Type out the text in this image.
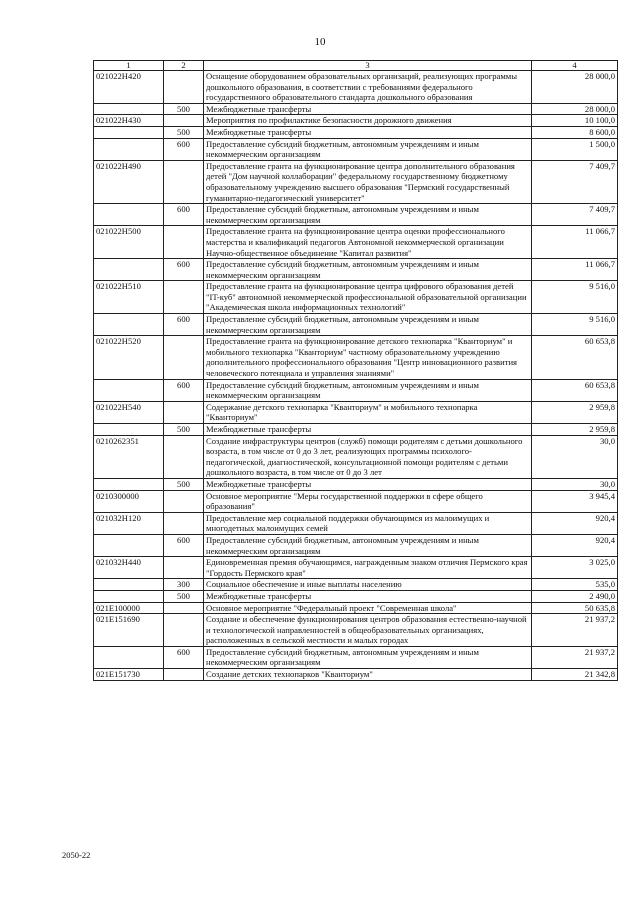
10
1	2	3	4
021022Н420		Оснащение оборудованием образовательных организаций, реализующих программы дошкольного образования, в соответствии с требованиями федерального государственного образовательного стандарта дошкольного образования	28 000,0
	500	Межбюджетные трансферты	28 000,0
021022Н430		Мероприятия по профилактике безопасности дорожного движения	10 100,0
	500	Межбюджетные трансферты	8 600,0
	600	Предоставление субсидий бюджетным, автономным учреждениям и иным некоммерческим организациям	1 500,0
021022Н490		Предоставление гранта на функционирование центра дополнительного образования детей "Дом научной коллаборации" федеральному государственному бюджетному образовательному учреждению высшего образования "Пермский государственный гуманитарно-педагогический университет"	7 409,7
	600	Предоставление субсидий бюджетным, автономным учреждениям и иным некоммерческим организациям	7 409,7
021022Н500		Предоставление гранта на функционирование центра оценки профессионального мастерства и квалификаций педагогов Автономной некоммерческой организации Научно-общественное объединение "Капитал развития"	11 066,7
	600	Предоставление субсидий бюджетным, автономным учреждениям и иным некоммерческим организациям	11 066,7
021022Н510		Предоставление гранта на функционирование центра цифрового образования детей "IT-куб" автономной некоммерческой профессиональной образовательной организации "Академическая школа информационных технологий"	9 516,0
	600	Предоставление субсидий бюджетным, автономным учреждениям и иным некоммерческим организациям	9 516,0
021022Н520		Предоставление гранта на функционирование детского технопарка "Кванториум" и мобильного технопарка "Кванториум" частному образовательному учреждению дополнительного профессионального образования "Центр инновационного развития человеческого потенциала и управления знаниями"	60 653,8
	600	Предоставление субсидий бюджетным, автономным учреждениям и иным некоммерческим организациям	60 653,8
021022Н540		Содержание детского технопарка "Кванториум" и мобильного технопарка "Кванториум"	2 959,8
	500	Межбюджетные трансферты	2 959,8
0210262351		Создание инфраструктуры центров (служб) помощи родителям с детьми дошкольного возраста, в том числе от 0 до 3 лет, реализующих программы психолого-педагогической, диагностической, консультационной помощи родителям с детьми дошкольного возраста, в том числе от 0 до 3 лет	30,0
	500	Межбюджетные трансферты	30,0
0210300000		Основное мероприятие "Меры государственной поддержки в сфере общего образования"	3 945,4
021032Н120		Предоставление мер социальной поддержки обучающимся из малоимущих и многодетных малоимущих семей	920,4
	600	Предоставление субсидий бюджетным, автономным учреждениям и иным некоммерческим организациям	920,4
021032Н440		Единовременная премия обучающимся, награжденным знаком отличия Пермского края "Гордость Пермского края"	3 025,0
	300	Социальное обеспечение и иные выплаты населению	535,0
	500	Межбюджетные трансферты	2 490,0
021Е100000		Основное мероприятие "Федеральный проект "Современная школа"	50 635,8
021Е151690		Создание и обеспечение функционирования центров образования естественно-научной и технологической направленностей в общеобразовательных организациях, расположенных в сельской местности и малых городах	21 937,2
	600	Предоставление субсидий бюджетным, автономным учреждениям и иным некоммерческим организациям	21 937,2
021Е151730		Создание детских технопарков "Кванториум"	21 342,8
2050-22
